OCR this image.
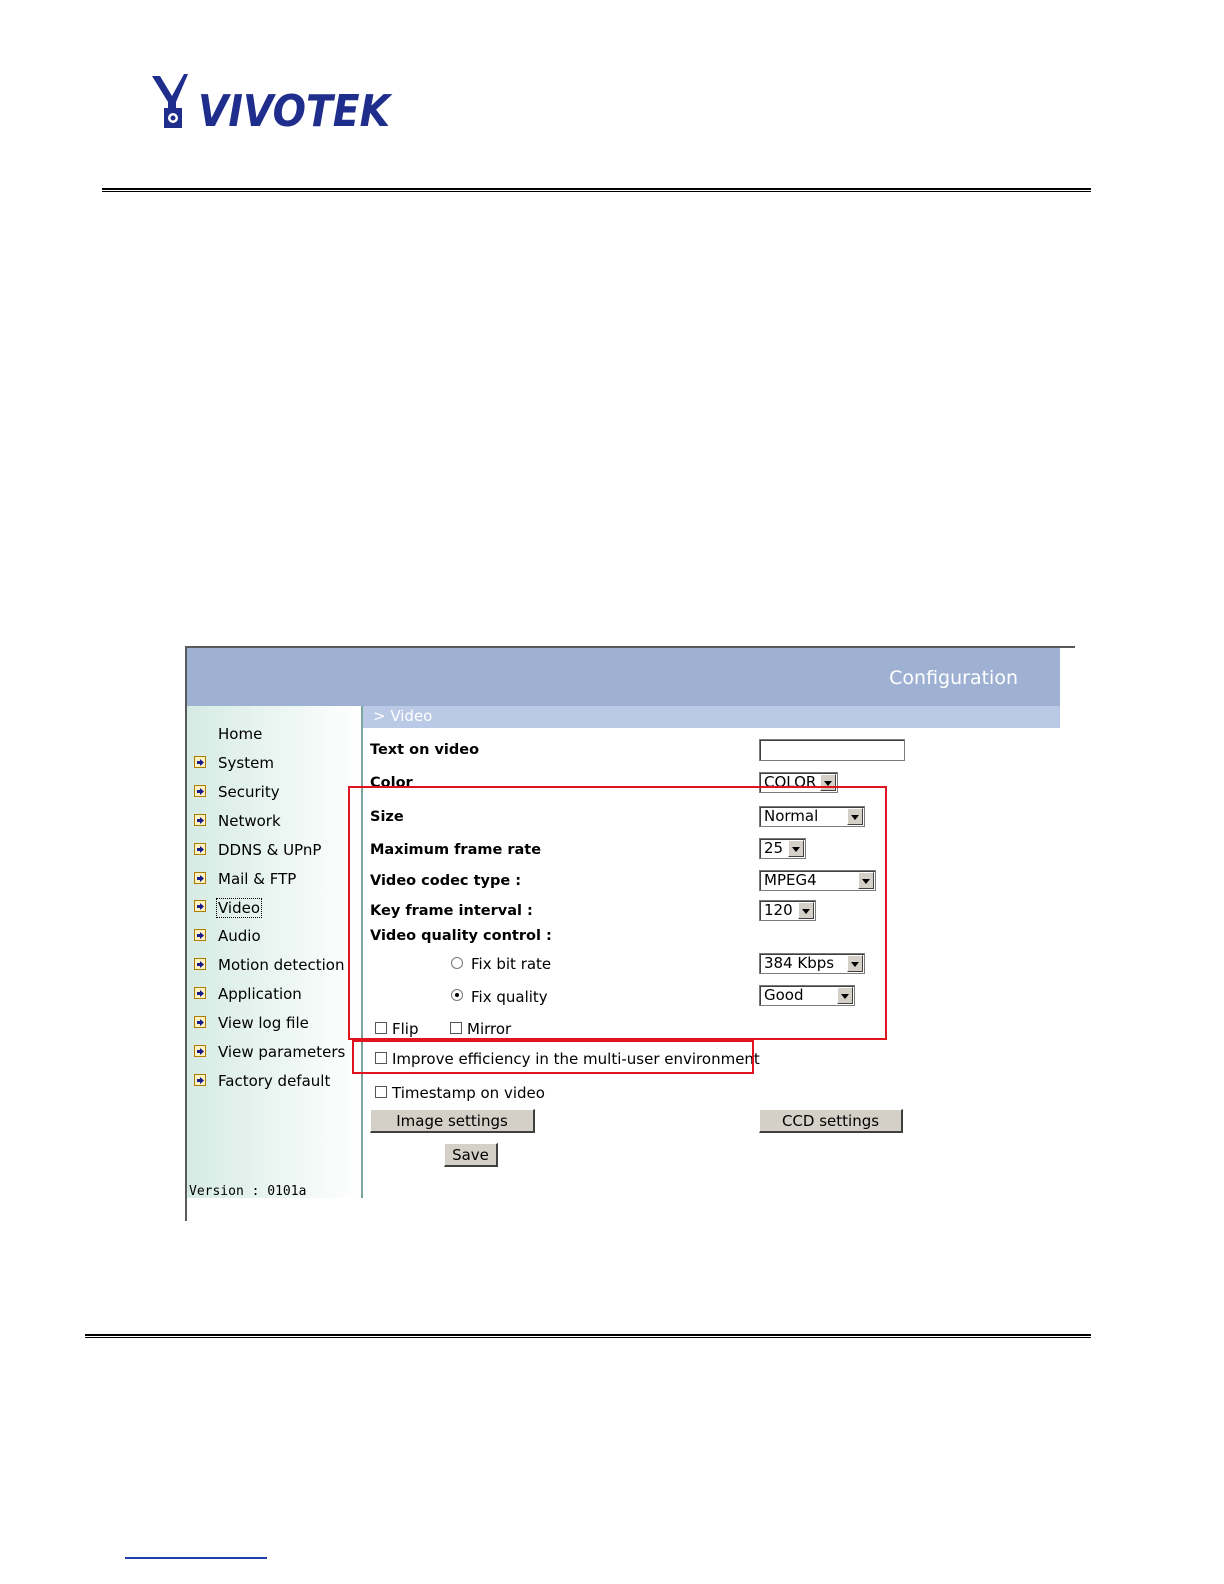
VIVOTEK
Configuration
Home
System
Security
Network
DDNS & UPnP
Mail & FTP
Video
Audio
Motion detection
Application
View log file
View parameters
Factory default
Version : 0101a
> Video
Text on video
Color	COLOR
Size	Normal
Maximum frame rate	25
Video codec type :	MPEG4
Key frame interval :	120
Video quality control :
Fix bit rate	384 Kbps
Fix quality	Good
Flip	Mirror
Improve efficiency in the multi-user environment
Timestamp on video
Image settings	CCD settings
Save
